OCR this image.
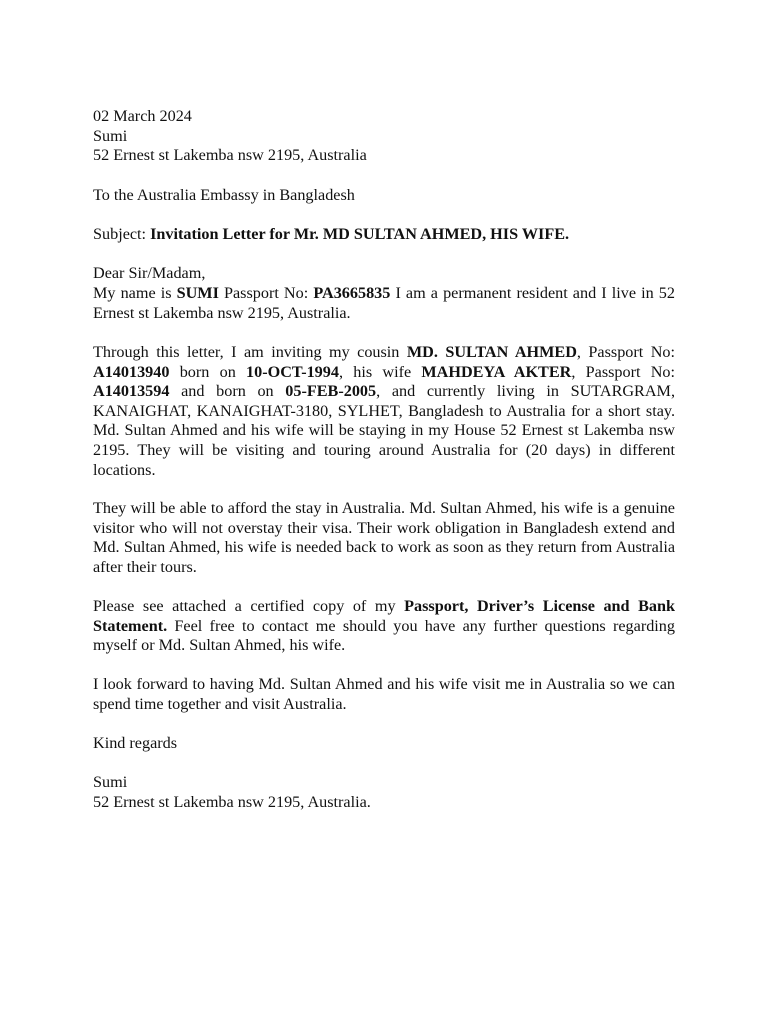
02 March 2024
Sumi
52 Ernest st Lakemba nsw 2195, Australia

To the Australia Embassy in Bangladesh

Subject: Invitation Letter for Mr. MD SULTAN AHMED, HIS WIFE.

Dear Sir/Madam,

My name is SUMI Passport No: PA3665835 I am a permanent resident and I live in 52 Ernest st Lakemba nsw 2195, Australia.

Through this letter, I am inviting my cousin MD. SULTAN AHMED, Passport No: A14013940 born on 10-OCT-1994, his wife MAHDEYA AKTER, Passport No: A14013594 and born on 05-FEB-2005, and currently living in SUTARGRAM, KANAIGHAT, KANAIGHAT-3180, SYLHET, Bangladesh to Australia for a short stay. Md. Sultan Ahmed and his wife will be staying in my House 52 Ernest st Lakemba nsw 2195. They will be visiting and touring around Australia for (20 days) in different locations.

They will be able to afford the stay in Australia. Md. Sultan Ahmed, his wife is a genuine visitor who will not overstay their visa. Their work obligation in Bangladesh extend and Md. Sultan Ahmed, his wife is needed back to work as soon as they return from Australia after their tours.

Please see attached a certified copy of my Passport, Driver’s License and Bank Statement. Feel free to contact me should you have any further questions regarding myself or Md. Sultan Ahmed, his wife.

I look forward to having Md. Sultan Ahmed and his wife visit me in Australia so we can spend time together and visit Australia.

Kind regards

Sumi
52 Ernest st Lakemba nsw 2195, Australia.
